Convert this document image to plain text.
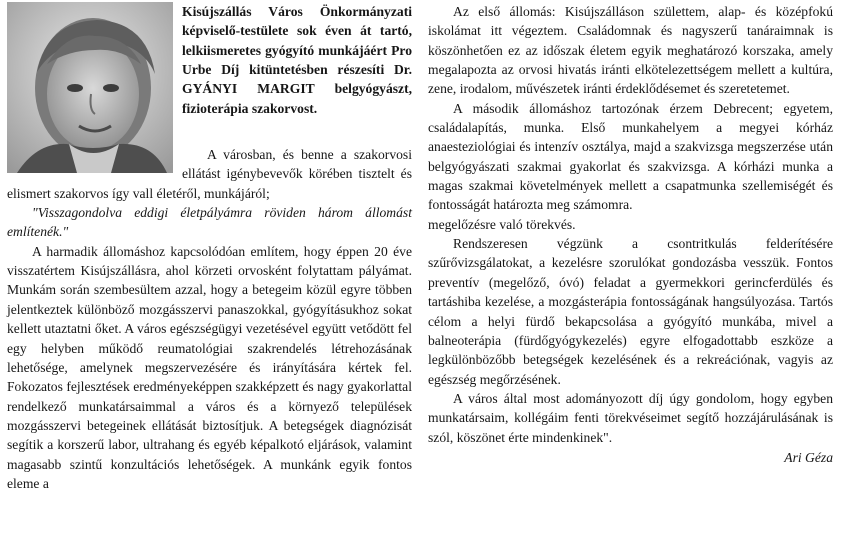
Kisújszállás Város Önkormányzati képviselő-testülete sok éven át tartó, lelkiismeretes gyógyító munkájáért Pro Urbe Díj kitüntetésben részesíti Dr. GYÁNYI MARGIT belgyógyászt, fizioterápia szakorvost.

A városban, és benne a szakorvosi ellátást igénybevevők körében tisztelt és elismert szakorvos így vall életéről, munkájáról;

"Visszagondolva eddigi életpályámra röviden három állomást említenék."

A harmadik állomáshoz kapcsolódóan említem, hogy éppen 20 éve visszatértem Kisújszállásra, ahol körzeti orvosként folytattam pályámat. Munkám során szembesültem azzal, hogy a betegeim közül egyre többen jelentkeztek különböző mozgásszervi panaszokkal, gyógyításukhoz sokat kellett utaztatni őket. A város egészségügyi vezetésével együtt vetődött fel egy helyben működő reumatológiai szakrendelés létrehozásának lehetősége, amelynek megszervezésére és irányítására kértek fel. Fokozatos fejlesztések eredményeképpen szakképzett és nagy gyakorlattal rendelkező munkatársaimmal a város és a környező települések mozgásszervi betegeinek ellátását biztosítjuk. A betegségek diagnózisát segítik a korszerű labor, ultrahang és egyéb képalkotó eljárások, valamint magasabb szintű konzultációs lehetőségek. A munkánk egyik fontos eleme a

Az első állomás: Kisújszálláson születtem, alap- és középfokú iskolámat itt végeztem. Családomnak és nagyszerű tanáraimnak is köszönhetően ez az időszak életem egyik meghatározó korszaka, amely megalapozta az orvosi hivatás iránti elkötelezettségem mellett a kultúra, zene, irodalom, művészetek iránti érdeklődésemet és szeretetemet.

A második állomáshoz tartozónak érzem Debrecent; egyetem, családalapítás, munka. Első munkahelyem a megyei kórház anaesteziológiai és intenzív osztálya, majd a szakvizsga megszerzése után belgyógyászati szakmai gyakorlat és szakvizsga. A kórházi munka a magas szakmai követelmények mellett a csapatmunka szellemiségét és fontosságát határozta meg számomra.

megelőzésre való törekvés.

Rendszeresen végzünk a csontritkulás felderítésére szűrővizsgálatokat, a kezelésre szorulókat gondozásba vesszük. Fontos preventív (megelőző, óvó) feladat a gyermekkori gerincferdülés és tartáshiba kezelése, a mozgásterápia fontosságának hangsúlyozása. Tartós célom a helyi fürdő bekapcsolása a gyógyító munkába, mivel a balneoterápia (fürdőgyógykezelés) egyre elfogadottabb eszköze a legkülönbözőbb betegségek kezelésének és a rekreációnak, vagyis az egészség megőrzésének.

A város által most adományozott díj úgy gondolom, hogy egyben munkatársaim, kollégáim fenti törekvéseimet segítő hozzájárulásának is szól, köszönet érte mindenkinek".

Ari Géza
